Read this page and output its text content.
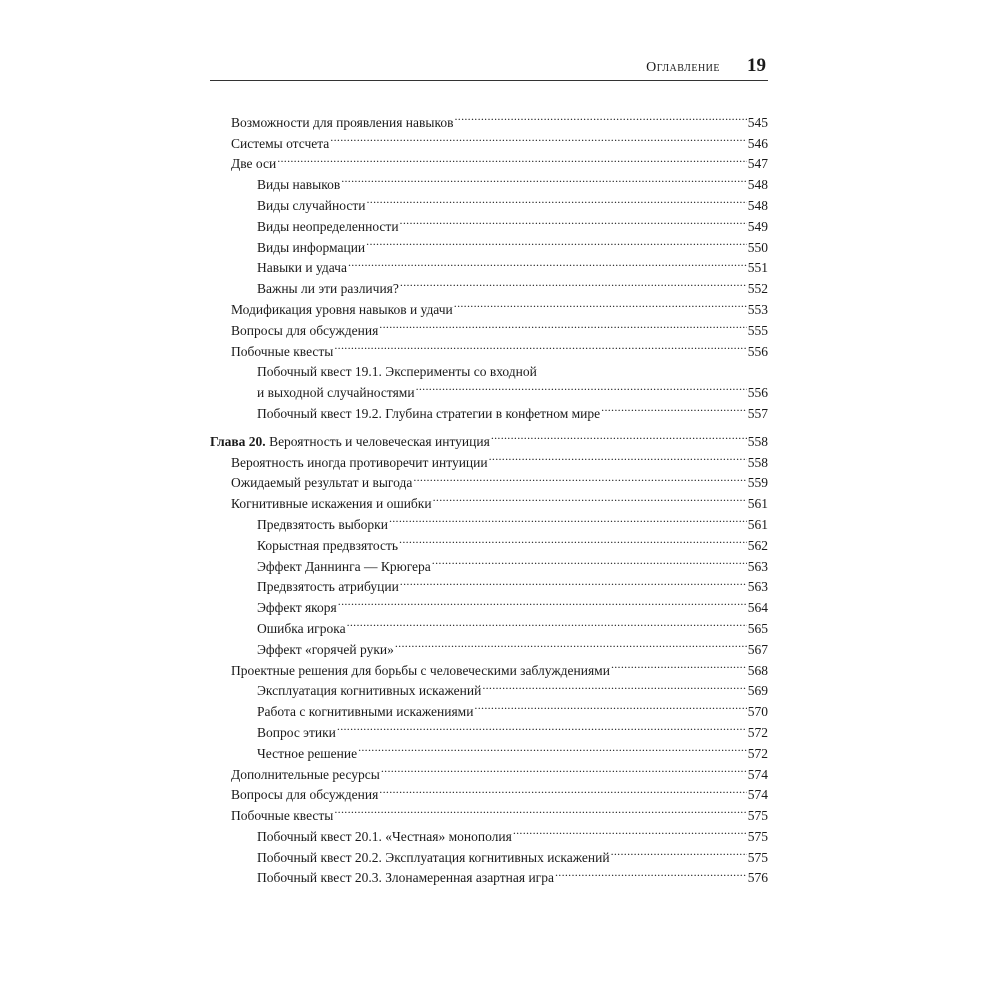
Оглавление 19
Возможности для проявления навыков .....	545
Системы отсчета .....	546
Две оси .....	547
Виды навыков .....	548
Виды случайности .....	548
Виды неопределенности .....	549
Виды информации .....	550
Навыки и удача .....	551
Важны ли эти различия? .....	552
Модификация уровня навыков и удачи .....	553
Вопросы для обсуждения .....	555
Побочные квесты .....	556
Побочный квест 19.1. Эксперименты со входной
и выходной случайностями .....	556
Побочный квест 19.2. Глубина стратегии в конфетном мире .....	557
Глава 20. Вероятность и человеческая интуиция .....	558
Вероятность иногда противоречит интуиции .....	558
Ожидаемый результат и выгода .....	559
Когнитивные искажения и ошибки .....	561
Предвзятость выборки .....	561
Корыстная предвзятость .....	562
Эффект Даннинга — Крюгера .....	563
Предвзятость атрибуции .....	563
Эффект якоря .....	564
Ошибка игрока .....	565
Эффект «горячей руки» .....	567
Проектные решения для борьбы с человеческими заблуждениями .....	568
Эксплуатация когнитивных искажений .....	569
Работа с когнитивными искажениями .....	570
Вопрос этики .....	572
Честное решение .....	572
Дополнительные ресурсы .....	574
Вопросы для обсуждения .....	574
Побочные квесты .....	575
Побочный квест 20.1. «Честная» монополия .....	575
Побочный квест 20.2. Эксплуатация когнитивных искажений .....	575
Побочный квест 20.3. Злонамеренная азартная игра .....	576
